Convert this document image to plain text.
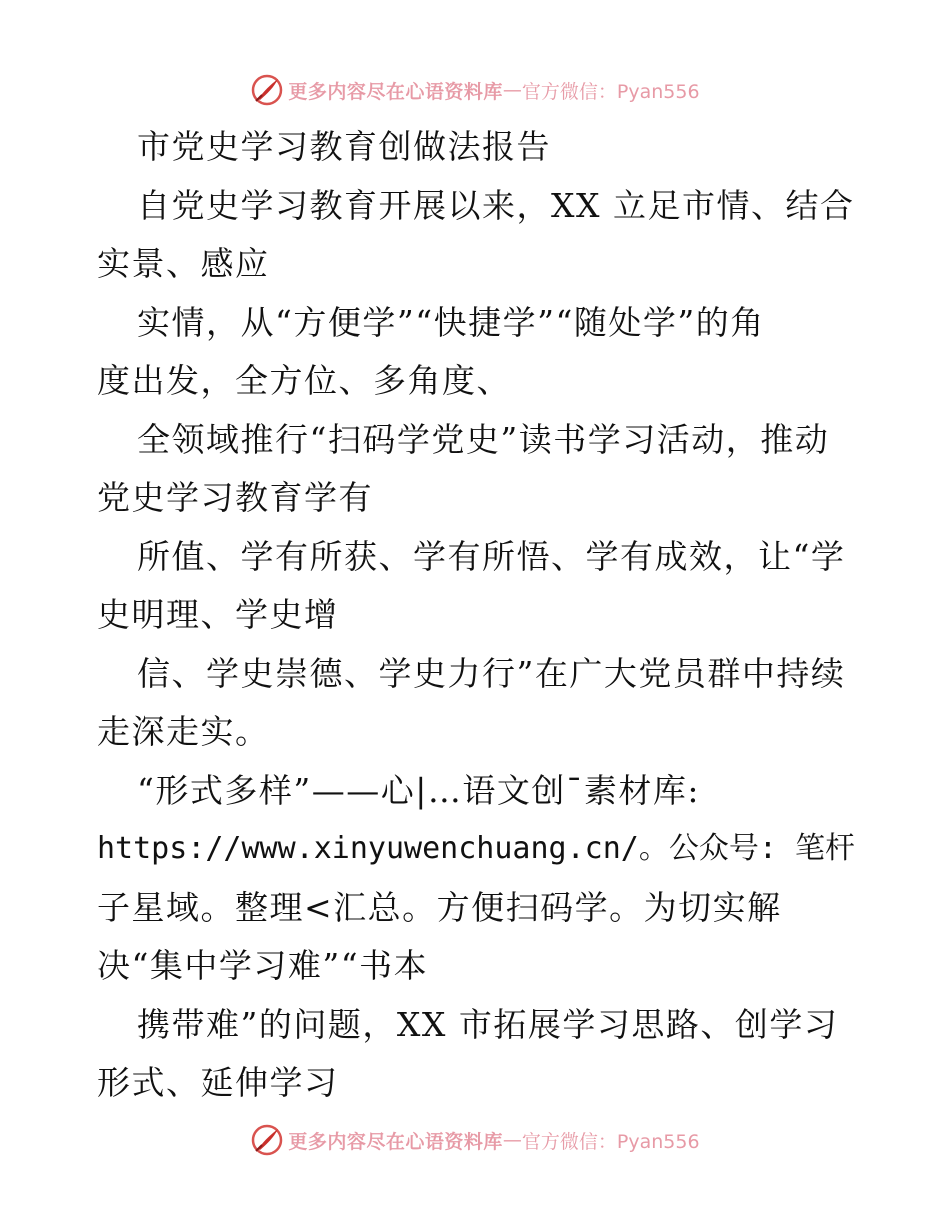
更多内容尽在心语资料库 — 官方微信：Pyan556
市党史学习教育创做法报告
自党史学习教育开展以来，XX 立足市情、结合
实景、感应
实情，从“方便学”“快捷学”“随处学”的角
度出发，全方位、多角度、
全领域推行“扫码学党史”读书学习活动，推动
党史学习教育学有
所值、学有所获、学有所悟、学有成效，让“学
史明理、学史增
信、学史崇德、学史力行”在广大党员群中持续
走深走实。
“形式多样”——心|…语文创¯素材库:
https://www.xinyuwenchuang.cn/。公众号: 笔杆
子星域。整理<汇总。方便扫码学。为切实解
决“集中学习难”“书本
携带难”的问题，XX 市拓展学习思路、创学习
形式、延伸学习
更多内容尽在心语资料库 — 官方微信：Pyan556
